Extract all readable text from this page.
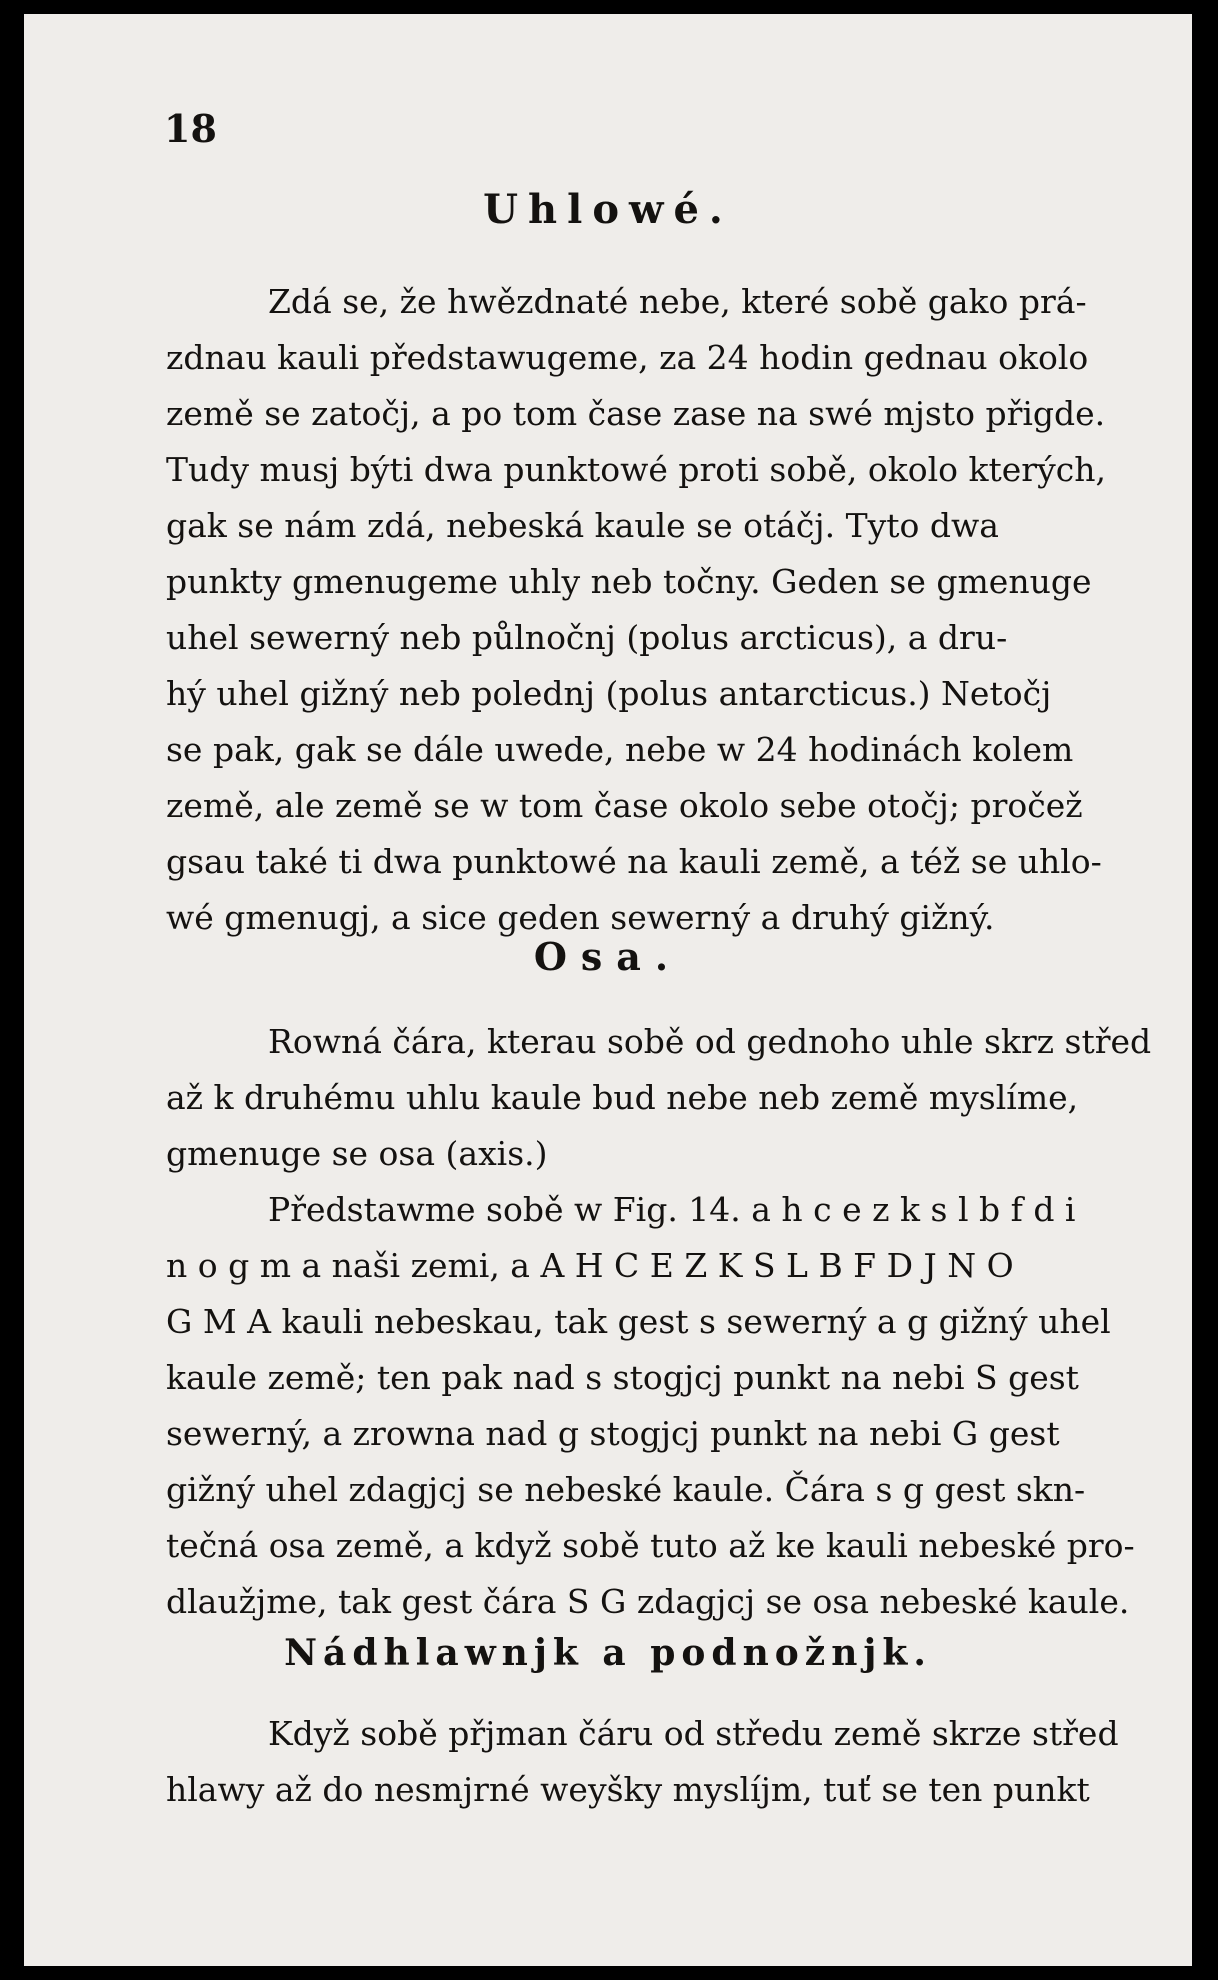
18
Uhlowé.
Zdá se, že hwězdnaté nebe, které sobě gako prá-
zdnau kauli předstawugeme, za 24 hodin gednau okolo
země se zatočj, a po tom čase zase na swé mjsto přigde.
Tudy musj býti dwa punktowé proti sobě, okolo kterých,
gak se nám zdá, nebeská kaule se otáčj. Tyto dwa
punkty gmenugeme uhly neb točny. Geden se gmenuge
uhel sewerný neb půlnočnj (polus arcticus), a dru-
hý uhel gižný neb polednj (polus antarcticus.) Netočj
se pak, gak se dále uwede, nebe w 24 hodinách kolem
země, ale země se w tom čase okolo sebe otočj; pročež
gsau také ti dwa punktowé na kauli země, a též se uhlo-
wé gmenugj, a sice geden sewerný a druhý gižný.
Osa.
Rowná čára, kterau sobě od gednoho uhle skrz střed
až k druhému uhlu kaule bud nebe neb země myslíme,
gmenuge se osa (axis.)
Předstawme sobě w Fig. 14. a h c e z k s l b f d i
n o g m a naši zemi, a A H C E Z K S L B F D J N O
G M A kauli nebeskau, tak gest s sewerný a g gižný uhel
kaule země; ten pak nad s stogjcj punkt na nebi S gest
sewerný, a zrowna nad g stogjcj punkt na nebi G gest
gižný uhel zdagjcj se nebeské kaule. Čára s g gest skn-
tečná osa země, a když sobě tuto až ke kauli nebeské pro-
dlaužjme, tak gest čára S G zdagjcj se osa nebeské kaule.
Nádhlawnjk a podnožnjk.
Když sobě přjman čáru od středu země skrze střed
hlawy až do nesmjrné weyšky myslíjm, tuť se ten punkt
